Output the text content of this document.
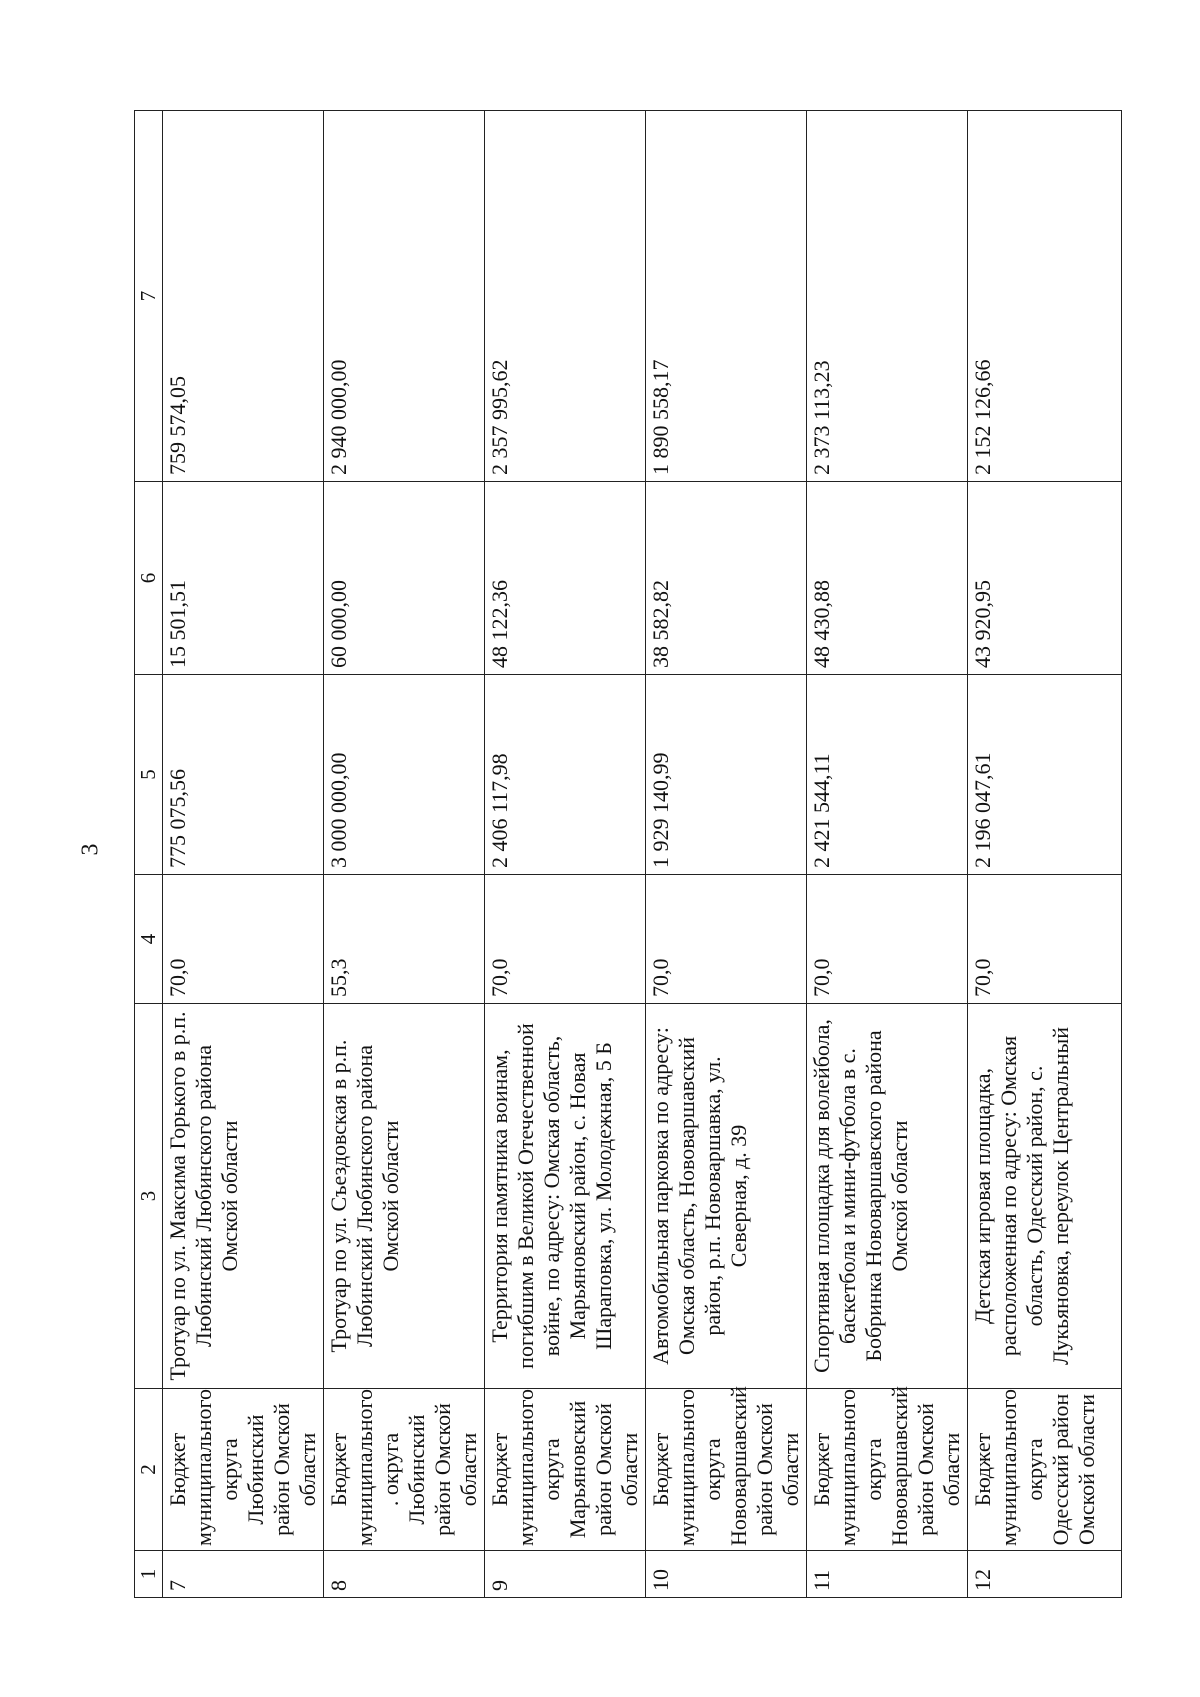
3
1	2	3	4	5	6	7
7	Бюджет муниципального округа Любинский район Омской области	Тротуар по ул. Максима Горького в р.п. Любинский Любинского района Омской области	70,0	775 075,56	15 501,51	759 574,05
8	Бюджет муниципального . округа Любинский район Омской области	Тротуар по ул. Съездовская в р.п. Любинский Любинского района Омской области	55,3	3 000 000,00	60 000,00	2 940 000,00
9	Бюджет муниципального округа Марьяновский район Омской области	Территория памятника воинам, погибшим в Великой Отечественной войне, по адресу: Омская область, Марьяновский район, с. Новая Шараповка, ул. Молодежная, 5 Б	70,0	2 406 117,98	48 122,36	2 357 995,62
10	Бюджет муниципального округа Нововаршавский район Омской области	Автомобильная парковка по адресу: Омская область, Нововаршавский район, р.п. Нововаршавка, ул. Северная, д. 39	70,0	1 929 140,99	38 582,82	1 890 558,17
11	Бюджет муниципального округа Нововаршавский район Омской области	Спортивная площадка для волейбола, баскетбола и мини-футбола в с. Бобринка Нововаршавского района Омской области	70,0	2 421 544,11	48 430,88	2 373 113,23
12	Бюджет муниципального округа Одесский район Омской области	Детская игровая площадка, расположенная по адресу: Омская область, Одесский район, с. Лукьяновка, переулок Центральный	70,0	2 196 047,61	43 920,95	2 152 126,66
